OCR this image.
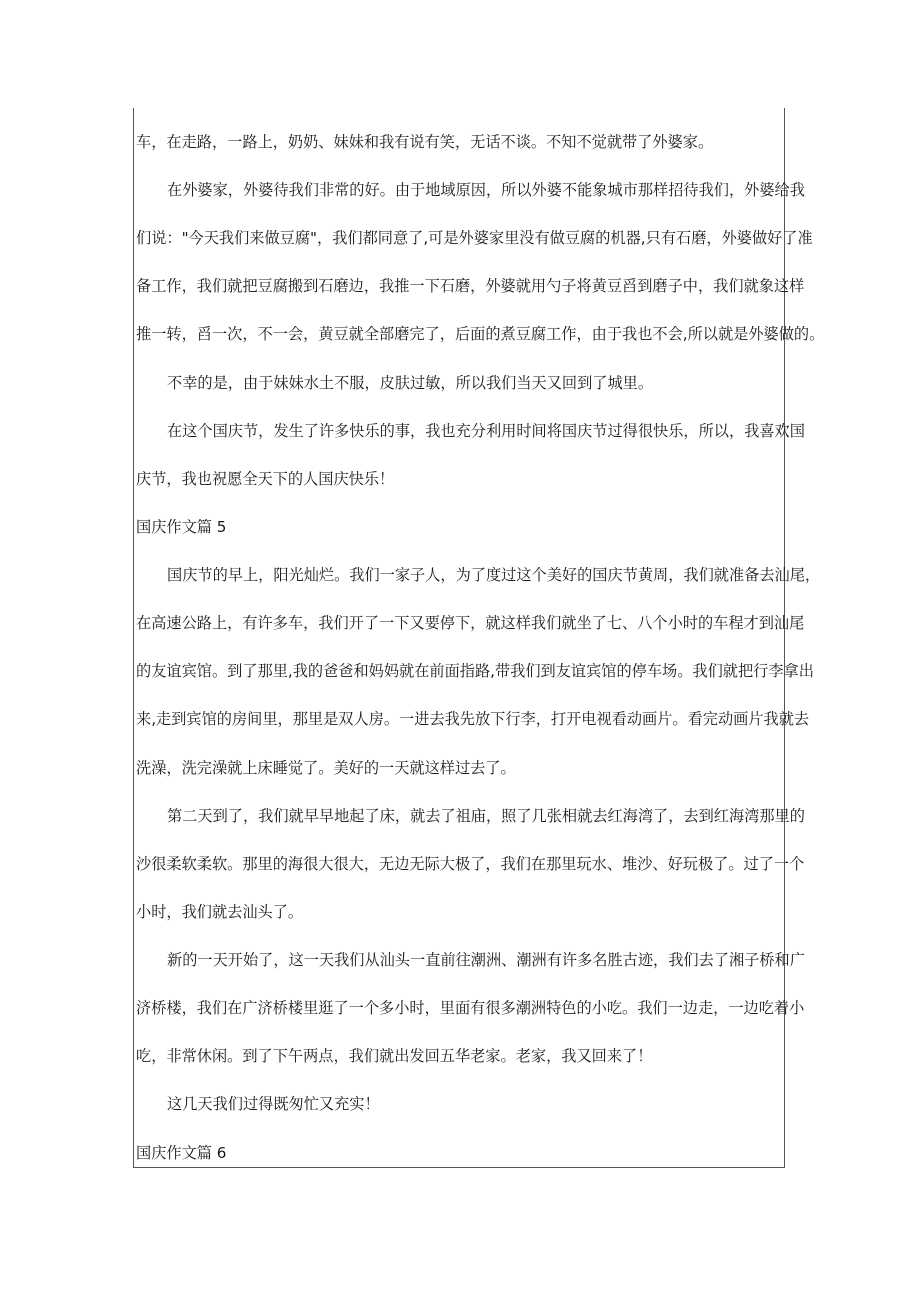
车，在走路，一路上，奶奶、妹妹和我有说有笑，无话不谈。不知不觉就带了外婆家。
在外婆家，外婆待我们非常的好。由于地域原因，所以外婆不能象城市那样招待我们，外婆给我
们说："今天我们来做豆腐"，我们都同意了,可是外婆家里没有做豆腐的机器,只有石磨，外婆做好了准
备工作，我们就把豆腐搬到石磨边，我推一下石磨，外婆就用勺子将黄豆舀到磨子中，我们就象这样
推一转，舀一次，不一会，黄豆就全部磨完了，后面的煮豆腐工作，由于我也不会,所以就是外婆做的。
不幸的是，由于妹妹水土不服，皮肤过敏，所以我们当天又回到了城里。
在这个国庆节，发生了许多快乐的事，我也充分利用时间将国庆节过得很快乐，所以，我喜欢国
庆节，我也祝愿全天下的人国庆快乐！
国庆作文篇 5
国庆节的早上，阳光灿烂。我们一家子人，为了度过这个美好的国庆节黄周，我们就准备去汕尾，
在高速公路上，有许多车，我们开了一下又要停下，就这样我们就坐了七、八个小时的车程才到汕尾
的友谊宾馆。到了那里,我的爸爸和妈妈就在前面指路,带我们到友谊宾馆的停车场。我们就把行李拿出
来,走到宾馆的房间里，那里是双人房。一进去我先放下行李，打开电视看动画片。看完动画片我就去
洗澡，洗完澡就上床睡觉了。美好的一天就这样过去了。
第二天到了，我们就早早地起了床，就去了祖庙，照了几张相就去红海湾了，去到红海湾那里的
沙很柔软柔软。那里的海很大很大，无边无际大极了，我们在那里玩水、堆沙、好玩极了。过了一个
小时，我们就去汕头了。
新的一天开始了，这一天我们从汕头一直前往潮洲、潮洲有许多名胜古迹，我们去了湘子桥和广
济桥楼，我们在广济桥楼里逛了一个多小时，里面有很多潮洲特色的小吃。我们一边走，一边吃着小
吃，非常休闲。到了下午两点，我们就出发回五华老家。老家，我又回来了！
这几天我们过得既匆忙又充实！
国庆作文篇 6
